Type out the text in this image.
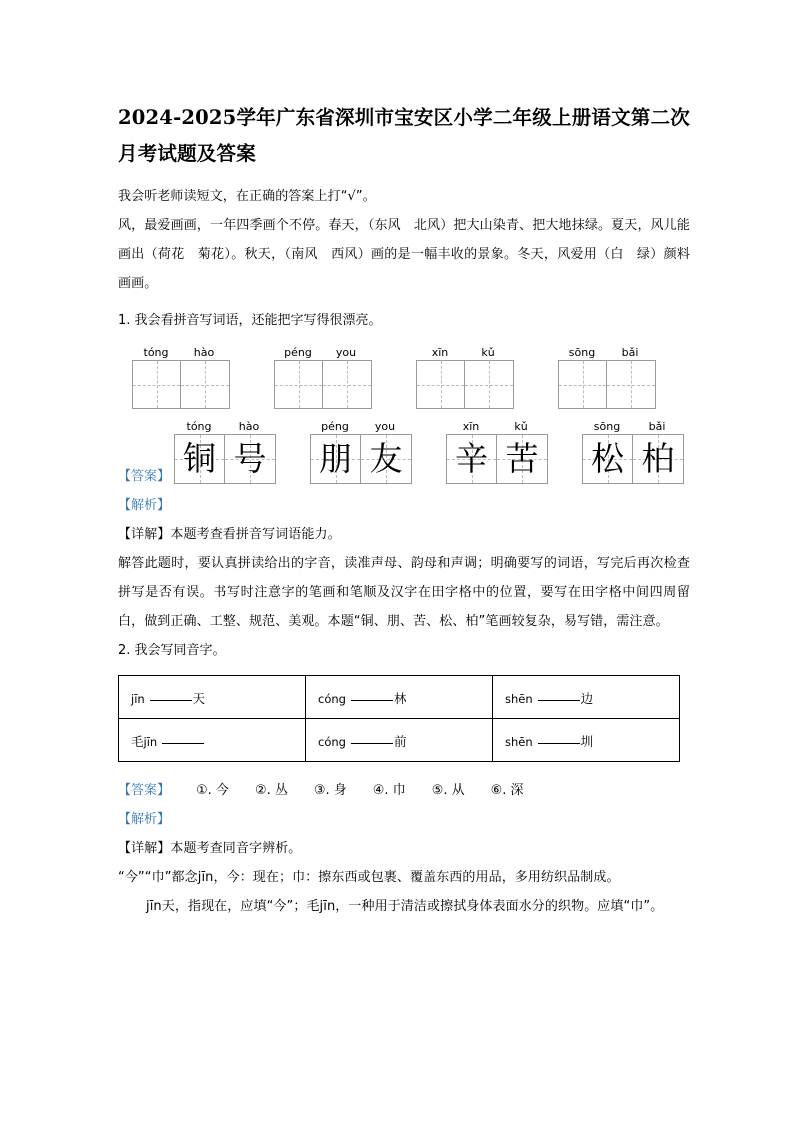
2024-2025学年广东省深圳市宝安区小学二年级上册语文第二次月考试题及答案

我会听老师读短文，在正确的答案上打“√”。

风，最爱画画，一年四季画个不停。春天，（东风　北风）把大山染青、把大地抹绿。夏天，风儿能画出（荷花　菊花）。秋天，（南风　西风）画的是一幅丰收的景象。冬天，风爱用（白　绿）颜料画画。

1. 我会看拼音写词语，还能把字写得很漂亮。

tóng	hào	péng	you	xīn	kǔ	sōng	bǎi
tóng	hào
铜 号
péng	you
朋 友
xīn	kǔ
辛 苦
sōng	bǎi
松 柏
【答案】
【解析】

【详解】本题考查看拼音写词语能力。

解答此题时，要认真拼读给出的字音，读准声母、韵母和声调；明确要写的词语，写完后再次检查拼写是否有误。书写时注意字的笔画和笔顺及汉字在田字格中的位置，要写在田字格中间四周留白，做到正确、工整、规范、美观。本题“铜、朋、苦、松、柏”笔画较复杂，易写错，需注意。

2. 我会写同音字。

jīn 天	cóng 林	shēn 边
毛jīn	cóng 前	shēn 圳
【答案】 ①. 今 ②. 丛 ③. 身 ④. 巾 ⑤. 从 ⑥. 深
【解析】

【详解】本题考查同音字辨析。

“今”“巾”都念jīn，今：现在；巾：擦东西或包裹、覆盖东西的用品，多用纺织品制成。

jīn天，指现在，应填“今”；毛jīn，一种用于清洁或擦拭身体表面水分的织物。应填“巾”。
